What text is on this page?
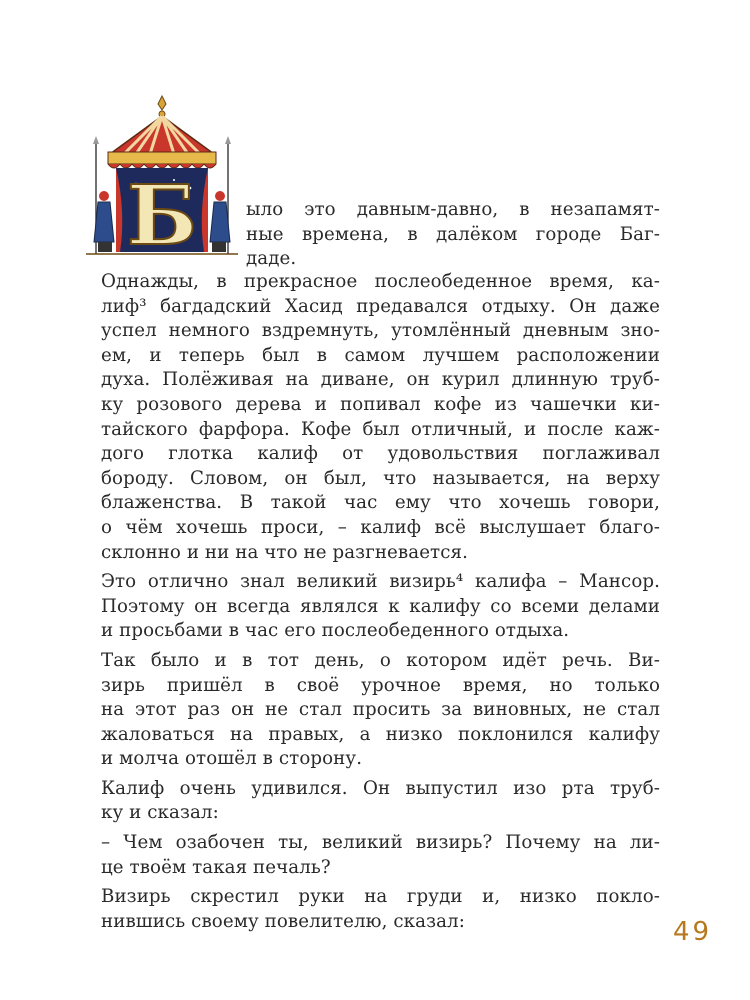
Б	ыло это давным-давно, в незапамят-
ные времена, в далёком городе Баг-
даде.
Однажды, в прекрасное послеобеденное время, ка-
лиф³ багдадский Хасид предавался отдыху. Он даже
успел немного вздремнуть, утомлённый дневным зно-
ем, и теперь был в самом лучшем расположении
духа. Полёживая на диване, он курил длинную труб-
ку розового дерева и попивал кофе из чашечки ки-
тайского фарфора. Кофе был отличный, и после каж-
дого глотка калиф от удовольствия поглаживал
бороду. Словом, он был, что называется, на верху
блаженства. В такой час ему что хочешь говори,
о чём хочешь проси, – калиф всё выслушает благо-
склонно и ни на что не разгневается.
Это отлично знал великий визирь⁴ калифа – Мансор.
Поэтому он всегда являлся к калифу со всеми делами
и просьбами в час его послеобеденного отдыха.
Так было и в тот день, о котором идёт речь. Ви-
зирь пришёл в своё урочное время, но только
на этот раз он не стал просить за виновных, не стал
жаловаться на правых, а низко поклонился калифу
и молча отошёл в сторону.
Калиф очень удивился. Он выпустил изо рта труб-
ку и сказал:
– Чем озабочен ты, великий визирь? Почему на ли-
це твоём такая печаль?
Визирь скрестил руки на груди и, низко покло-
нившись своему повелителю, сказал:	49
